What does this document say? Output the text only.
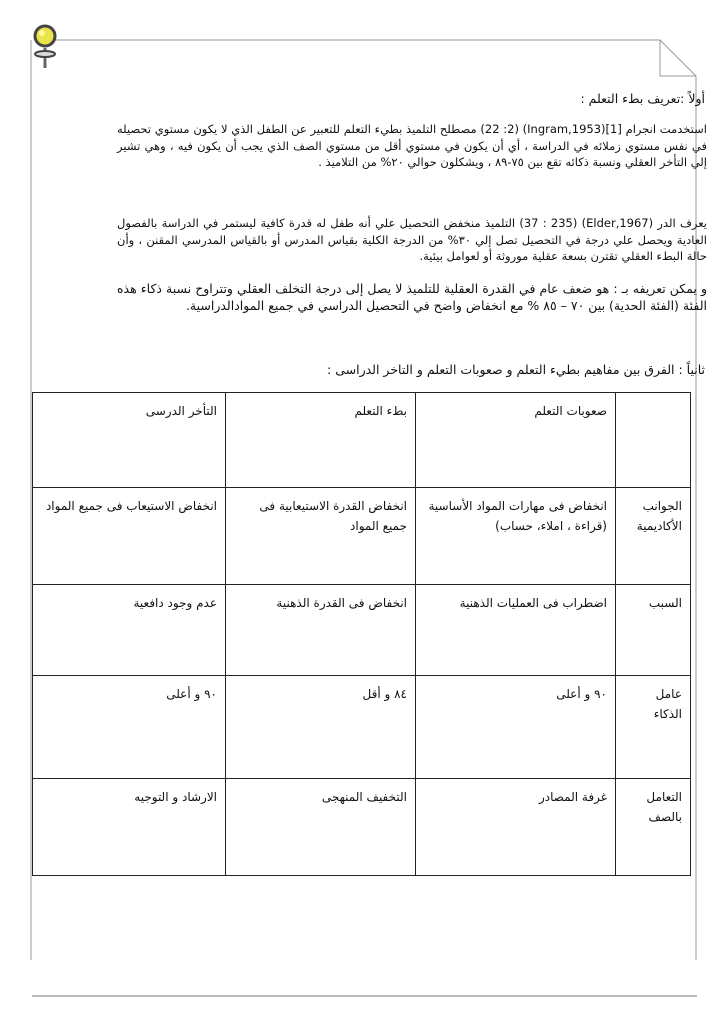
أولاً :تعريف بطء التعلم :

استخدمت انجرام [1](Ingram,1953) (22 :2) مصطلح التلميذ بطيء التعلم للتعبير عن الطفل الذي لا يكون مستوي تحصيله في نفس مستوي زملائه في الدراسة ، أي أن يكون في مستوي أقل من مستوي الصف الذي يجب أن يكون فيه ، وهي تشير إلي التأخر العقلي ونسبة ذكائه تقع بين ٧٥-٨٩ ، ويشكلون حوالي ٢٠% من التلاميذ .

يعرف الدر (Elder,1967) (37 : 235) التلميذ منخفض التحصيل علي أنه طفل له قدرة كافية ليستمر في الدراسة بالفصول العادية ويحصل علي درجة في التحصيل تصل إلي ٣٠% من الدرجة الكلية بقياس المدرس أو بالقياس المدرسي المقنن ، وأن حالة البطء العقلي تقترن بسعة عقلية موروثة أو لعوامل بيئية.

و يمكن تعريفه بـ : هو ضعف عام في القدرة العقلية للتلميذ لا يصل إلى درجة التخلف العقلي وتتراوح نسبة ذكاء هذه الفئة (الفئة الحدية) بين ٧٠ – ٨٥ % مع انخفاض واضح في التحصيل الدراسي في جميع الموادالدراسية.

ثانياً : الفرق بين مفاهيم بطيء التعلم و صعوبات التعلم و التاخر الدراسى :

	صعوبات التعلم	بطء التعلم	التأخر الدرسى
الجوانب الأكاديمية	انخفاض فى مهارات المواد الأساسية (قراءة ، املاء، حساب)	انخفاض القدرة الاستيعابية فى جميع المواد	انخفاض الاستيعاب فى جميع المواد
السبب	اضطراب فى العمليات الذهنية	انخفاض فى القدرة الذهنية	عدم وجود دافعية
عامل الذكاء	٩٠ و أعلى	٨٤ و أقل	٩٠ و أعلى
التعامل بالصف	غرفة المصادر	التخفيف المنهجى	الارشاد و التوجيه
